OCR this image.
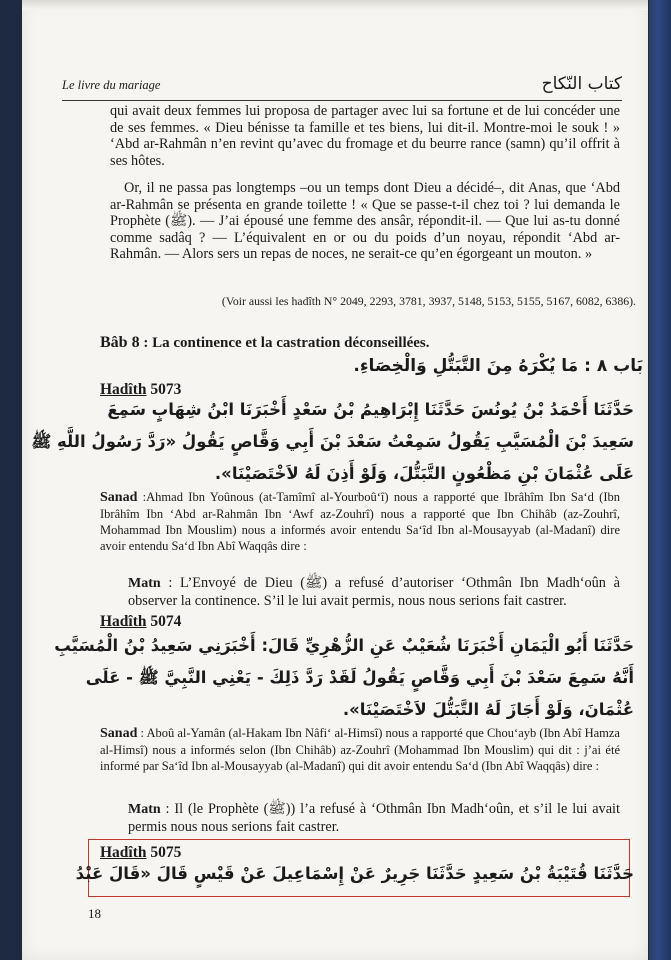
Le livre du mariage	كتاب النّكاح
qui avait deux femmes lui proposa de partager avec lui sa fortune et de lui concéder une de ses femmes. « Dieu bénisse ta famille et tes biens, lui dit-il. Montre-moi le souk ! » ‘Abd ar-Rahmân n’en revint qu’avec du fromage et du beurre rance (samn) qu’il offrit à ses hôtes.
Or, il ne passa pas longtemps –ou un temps dont Dieu a décidé–, dit Anas, que ‘Abd ar-Rahmân se présenta en grande toilette ! « Que se passe-t-il chez toi ? lui demanda le Prophète (ﷺ). — J’ai épousé une femme des ansâr, répondit-il. — Que lui as-tu donné comme sadâq ? — L’équivalent en or ou du poids d’un noyau, répondit ‘Abd ar-Rahmân. — Alors sers un repas de noces, ne serait-ce qu’en égorgeant un mouton. »
(Voir aussi les hadîth N° 2049, 2293, 3781, 3937, 5148, 5153, 5155, 5167, 6082, 6386).
Bâb 8 : La continence et la castration déconseillées.
بَاب ٨ : مَا يُكْرَهُ مِنَ التَّبَتُّلِ وَالْخِصَاءِ.
Hadîth 5073
حَدَّثَنَا أَحْمَدُ بْنُ يُونُسَ حَدَّثَنَا إِبْرَاهِيمُ بْنُ سَعْدٍ أَخْبَرَنَا ابْنُ شِهَابٍ سَمِعَ
سَعِيدَ بْنَ الْمُسَيَّبِ يَقُولُ سَمِعْتُ سَعْدَ بْنَ أَبِي وَقَّاصٍ يَقُولُ «رَدَّ رَسُولُ اللَّهِ ﷺ
عَلَى عُثْمَانَ بْنِ مَظْعُونٍ التَّبَتُّلَ، وَلَوْ أَذِنَ لَهُ لاَخْتَصَيْنَا».
Sanad :Ahmad Ibn Yoûnous (at-Tamîmî al-Yourboû‘î) nous a rapporté que Ibrâhîm Ibn Sa‘d (Ibn Ibrâhîm Ibn ‘Abd ar-Rahmân Ibn ‘Awf az-Zouhrî) nous a rapporté que Ibn Chihâb (az-Zouhrî, Mohammad Ibn Mouslim) nous a informés avoir entendu Sa‘îd Ibn al-Mousayyab (al-Madanî) dire avoir entendu Sa‘d Ibn Abî Waqqâs dire :
Matn : L’Envoyé de Dieu (ﷺ) a refusé d’autoriser ‘Othmân Ibn Madh‘oûn à observer la continence. S’il le lui avait permis, nous nous serions fait castrer.
Hadîth 5074
حَدَّثَنَا أَبُو الْيَمَانِ أَخْبَرَنَا شُعَيْبٌ عَنِ الزُّهْرِيِّ قَالَ: أَخْبَرَنِي سَعِيدُ بْنُ الْمُسَيَّبِ
أَنَّهُ سَمِعَ سَعْدَ بْنَ أَبِي وَقَّاصٍ يَقُولُ لَقَدْ رَدَّ ذَلِكَ - يَعْنِي النَّبِيَّ ﷺ - عَلَى
عُثْمَانَ، وَلَوْ أَجَازَ لَهُ التَّبَتُّلَ لاَخْتَصَيْنَا».
Sanad : Aboû al-Yamân (al-Hakam Ibn Nâfi‘ al-Himsî) nous a rapporté que Chou‘ayb (Ibn Abî Hamza al-Himsî) nous a informés selon (Ibn Chihâb) az-Zouhrî (Mohammad Ibn Mouslim) qui dit : j’ai été informé par Sa‘îd Ibn al-Mousayyab (al-Madanî) qui dit avoir entendu Sa‘d (Ibn Abî Waqqâs) dire :
Matn : Il (le Prophète (ﷺ)) l’a refusé à ‘Othmân Ibn Madh‘oûn, et s’il le lui avait permis nous nous serions fait castrer.
Hadîth 5075
حَدَّثَنَا قُتَيْبَةُ بْنُ سَعِيدٍ حَدَّثَنَا جَرِيرٌ عَنْ إِسْمَاعِيلَ عَنْ قَيْسٍ قَالَ «قَالَ عَبْدُ
18
